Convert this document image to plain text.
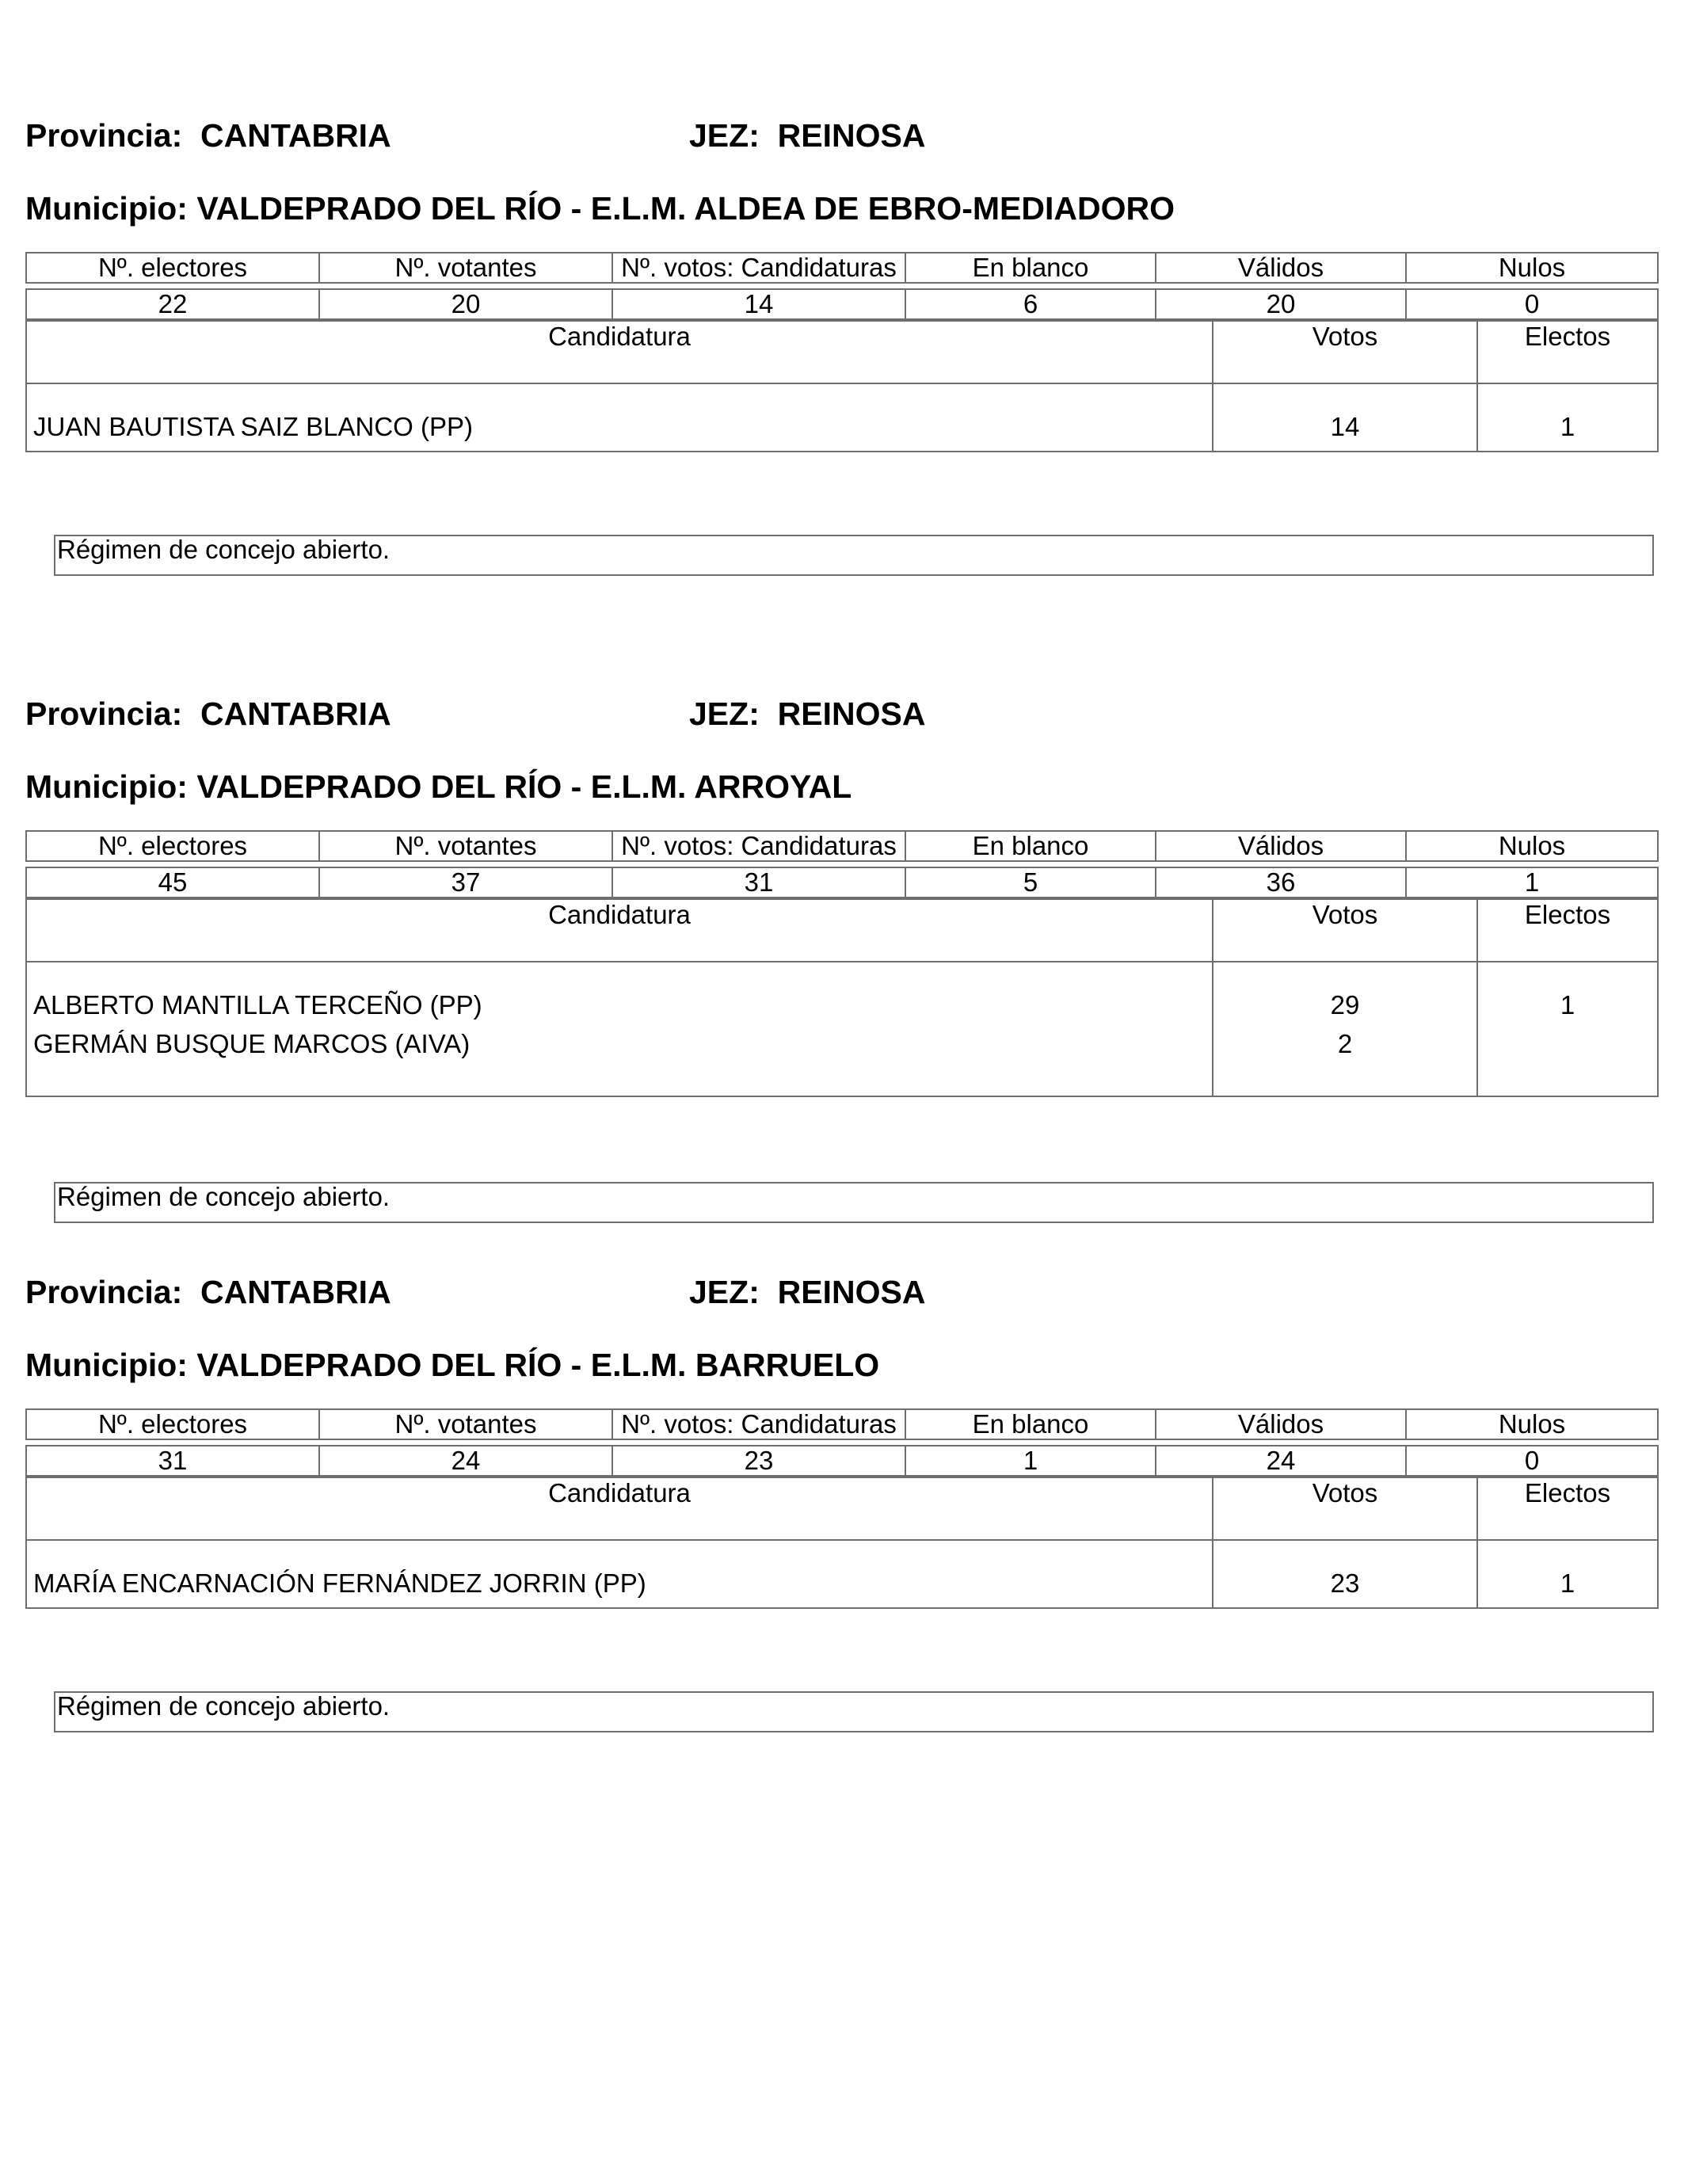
Provincia: CANTABRIA	JEZ: REINOSA
Municipio: VALDEPRADO DEL RÍO - E.L.M. ALDEA DE EBRO-MEDIADORO
Nº. electores	Nº. votantes	Nº. votos: Candidaturas	En blanco	Válidos	Nulos

22	20	14	6	20	0
Candidatura	Votos	Electos
JUAN BAUTISTA SAIZ BLANCO (PP)	14	1
Régimen de concejo abierto.
Provincia: CANTABRIA	JEZ: REINOSA
Municipio: VALDEPRADO DEL RÍO - E.L.M. ARROYAL
Nº. electores	Nº. votantes	Nº. votos: Candidaturas	En blanco	Válidos	Nulos

45	37	31	5	36	1
Candidatura	Votos	Electos
ALBERTO MANTILLA TERCEÑO (PP)	29	1
GERMÁN BUSQUE MARCOS (AIVA)	2	
Régimen de concejo abierto.
Provincia: CANTABRIA	JEZ: REINOSA
Municipio: VALDEPRADO DEL RÍO - E.L.M. BARRUELO
Nº. electores	Nº. votantes	Nº. votos: Candidaturas	En blanco	Válidos	Nulos

31	24	23	1	24	0
Candidatura	Votos	Electos
MARÍA ENCARNACIÓN FERNÁNDEZ JORRIN (PP)	23	1
Régimen de concejo abierto.
